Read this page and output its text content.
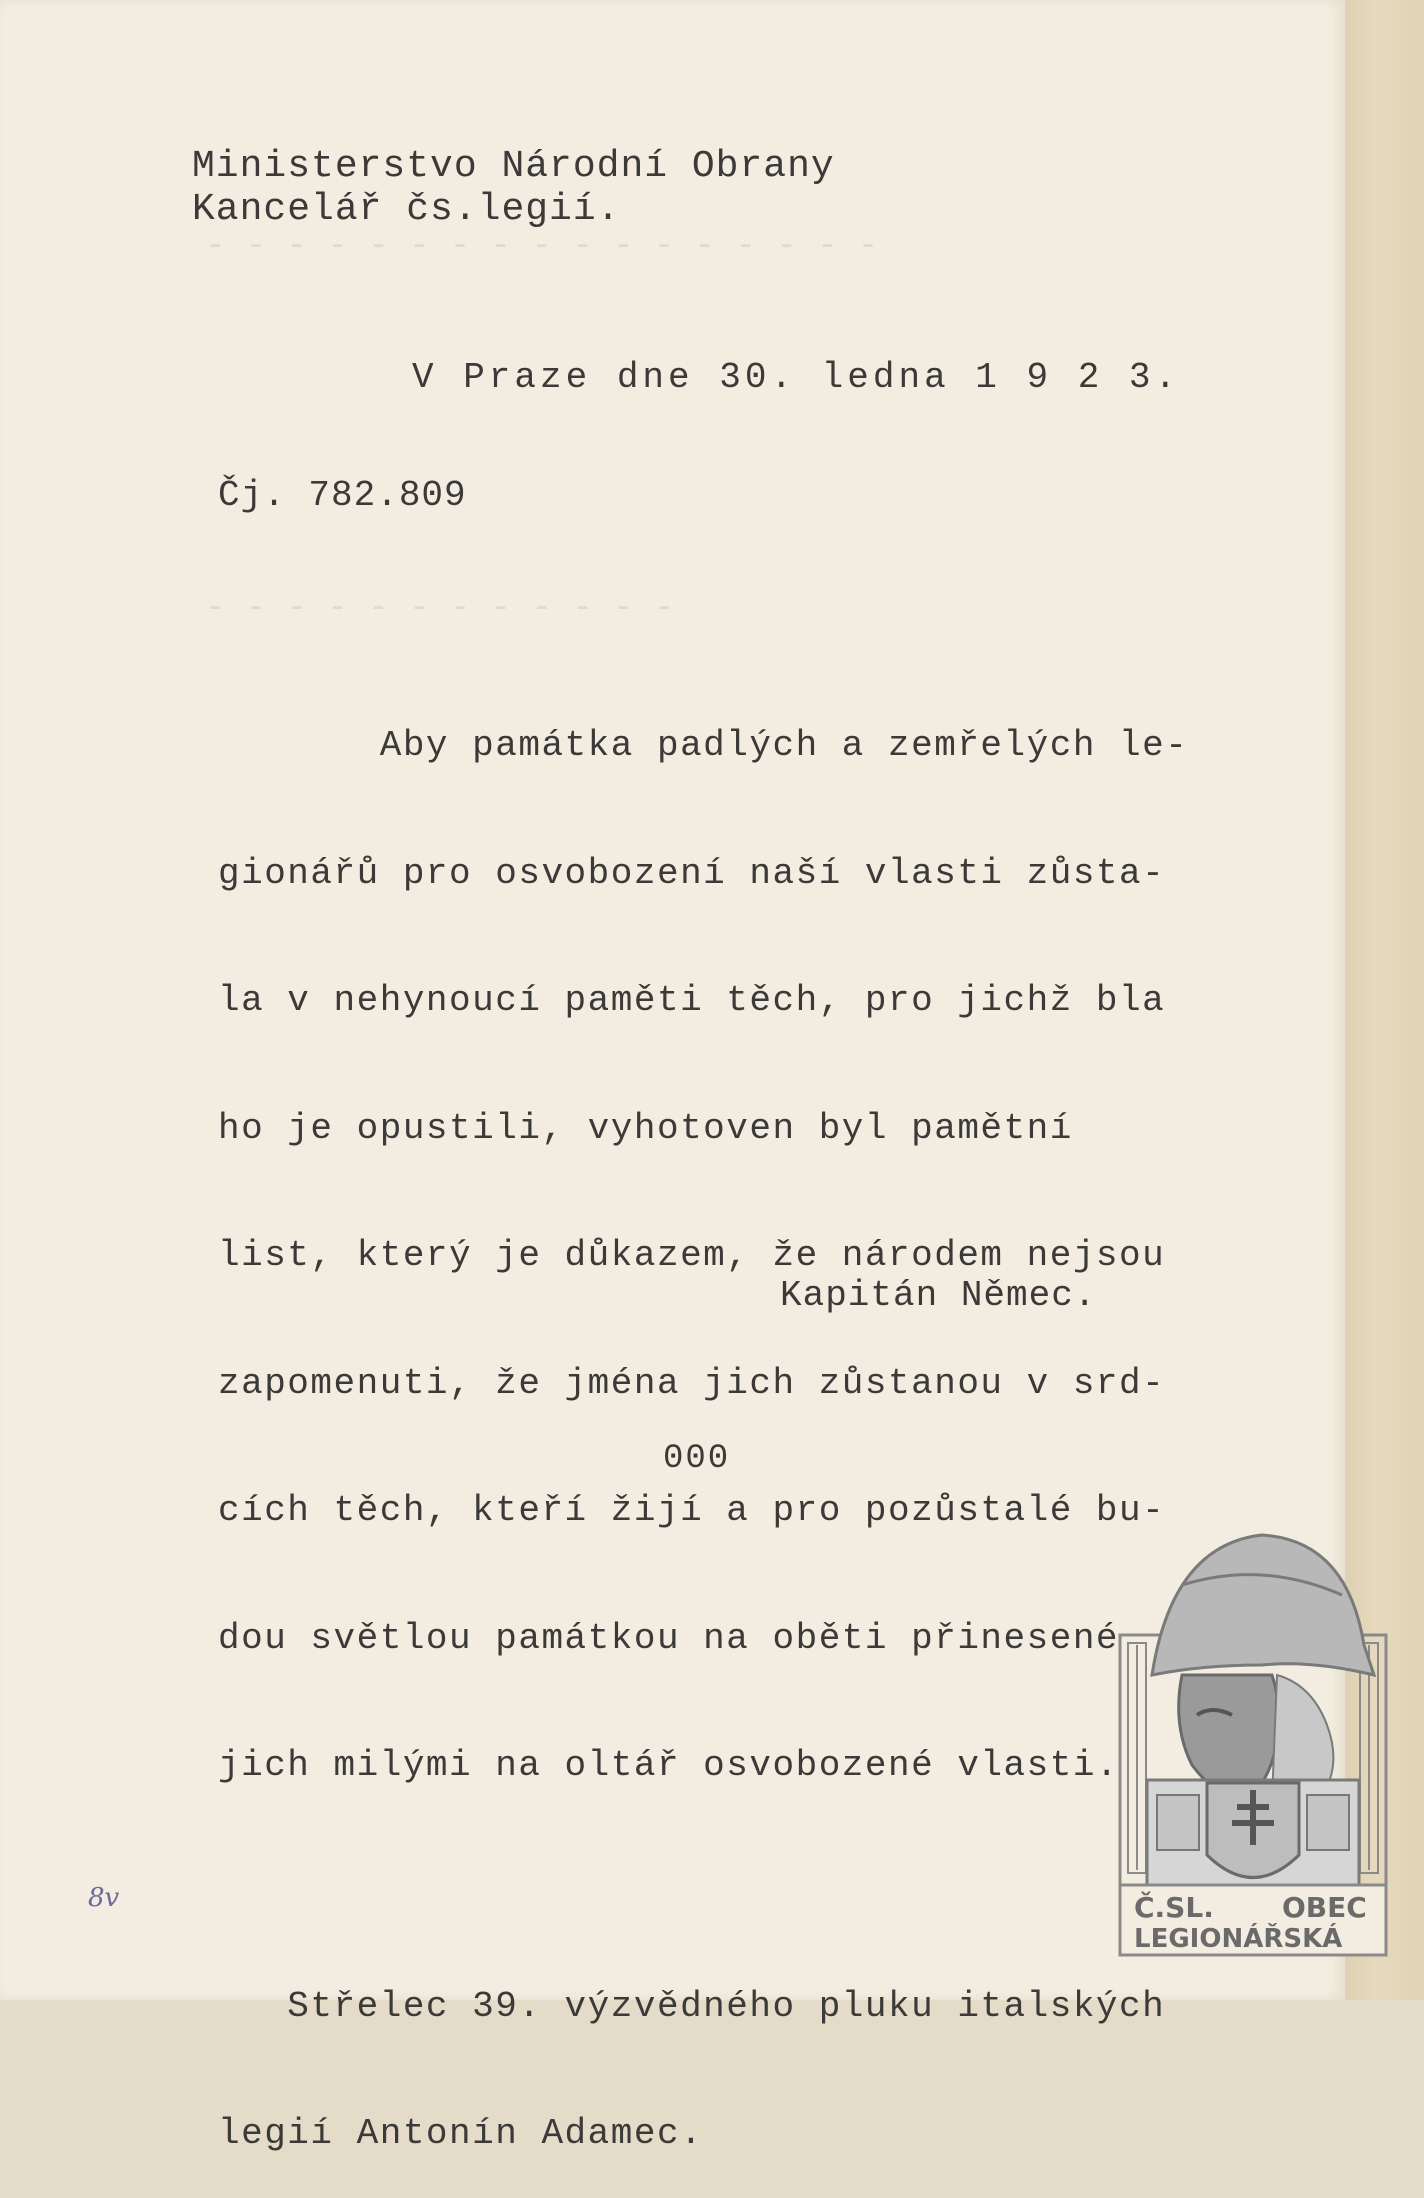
- - - - - - - - - - - - - - - - -
- - - - - - - - - - - -
Ministerstvo Národní Obrany
Kancelář čs.legií.
V Praze dne 30. ledna 1 9 2 3.
Čj. 782.809

Aby památka padlých a zemřelých le-

gionářů pro osvobození naší vlasti zůsta-

la v nehynoucí paměti těch, pro jichž bla

ho je opustili, vyhotoven byl pamětní

list, který je důkazem, že národem nejsou

zapomenuti, že jména jich zůstanou v srd-

cích těch, kteří žijí a pro pozůstalé bu-

dou světlou památkou na oběti přinesené

jich milými na oltář osvobozené vlasti.

Střelec 39. výzvědného pluku italských

legií Antonín Adamec.

Kapitán Němec.
000
8v	Č.SL. OBEC
LEGIONÁŘSKÁ
